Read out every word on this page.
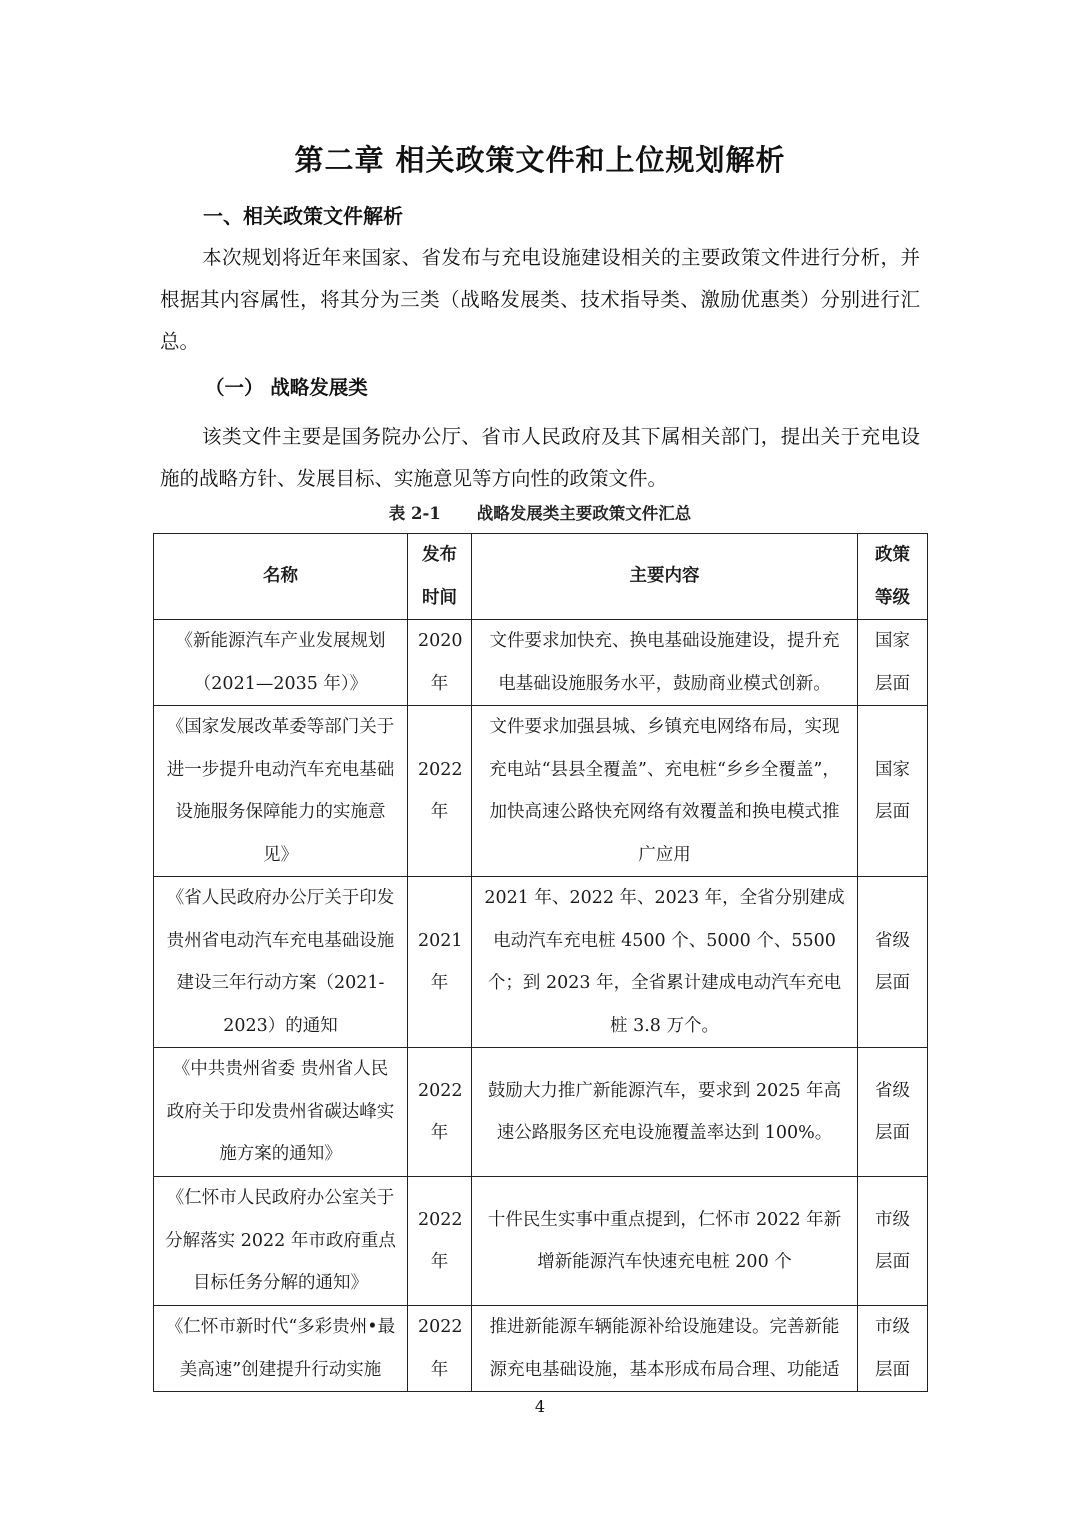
第二章 相关政策文件和上位规划解析
一、相关政策文件解析
本次规划将近年来国家、省发布与充电设施建设相关的主要政策文件进行分析，并根据其内容属性，将其分为三类（战略发展类、技术指导类、激励优惠类）分别进行汇总。
（一） 战略发展类
该类文件主要是国务院办公厅、省市人民政府及其下属相关部门，提出关于充电设施的战略方针、发展目标、实施意见等方向性的政策文件。
表 2-1 战略发展类主要政策文件汇总
名称	发布时间	主要内容	政策等级
《新能源汽车产业发展规划（2021—2035 年）》	2020 年	文件要求加快充、换电基础设施建设，提升充电基础设施服务水平，鼓励商业模式创新。	国家层面
《国家发展改革委等部门关于进一步提升电动汽车充电基础设施服务保障能力的实施意见》	2022 年	文件要求加强县城、乡镇充电网络布局，实现充电站“县县全覆盖”、充电桩“乡乡全覆盖”，加快高速公路快充网络有效覆盖和换电模式推广应用	国家层面
《省人民政府办公厅关于印发贵州省电动汽车充电基础设施建设三年行动方案（2021-2023）的通知	2021 年	2021 年、2022 年、2023 年，全省分别建成电动汽车充电桩 4500 个、5000 个、5500 个；到 2023 年，全省累计建成电动汽车充电桩 3.8 万个。	省级层面
《中共贵州省委 贵州省人民政府关于印发贵州省碳达峰实施方案的通知》	2022 年	鼓励大力推广新能源汽车，要求到 2025 年高速公路服务区充电设施覆盖率达到 100%。	省级层面
《仁怀市人民政府办公室关于分解落实 2022 年市政府重点目标任务分解的通知》	2022 年	十件民生实事中重点提到，仁怀市 2022 年新增新能源汽车快速充电桩 200 个	市级层面
《仁怀市新时代“多彩贵州•最美高速”创建提升行动实施	2022 年	推进新能源车辆能源补给设施建设。完善新能源充电基础设施，基本形成布局合理、功能适	市级层面
4
